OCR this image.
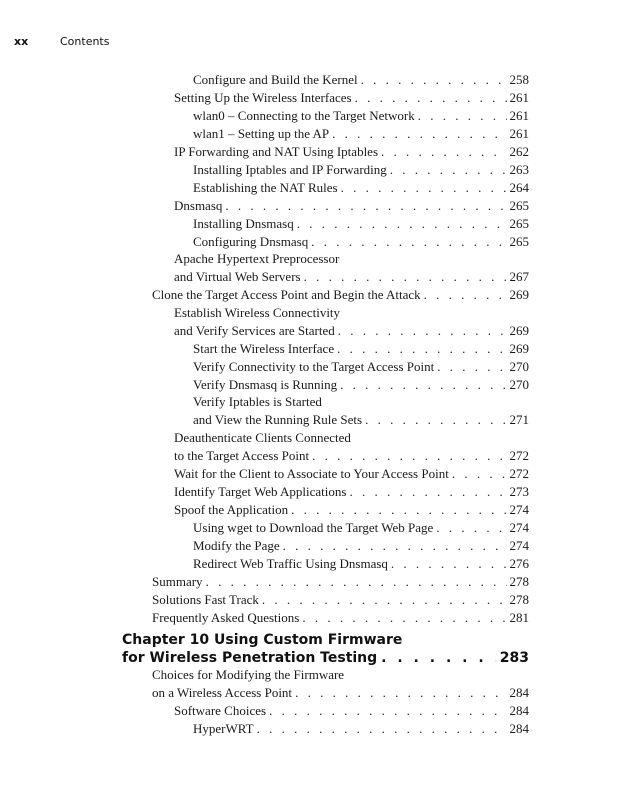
xx	Contents
Configure and Build the Kernel . . .	258
Setting Up the Wireless Interfaces . . .	261
wlan0 – Connecting to the Target Network . . .	261
wlan1 – Setting up the AP . . .	261
IP Forwarding and NAT Using Iptables . . .	262
Installing Iptables and IP Forwarding . . .	263
Establishing the NAT Rules . . .	264
Dnsmasq . . .	265
Installing Dnsmasq . . .	265
Configuring Dnsmasq . . .	265
Apache Hypertext Preprocessor
and Virtual Web Servers . . .	267
Clone the Target Access Point and Begin the Attack . . .	269
Establish Wireless Connectivity
and Verify Services are Started . . .	269
Start the Wireless Interface . . .	269
Verify Connectivity to the Target Access Point . . .	270
Verify Dnsmasq is Running . . .	270
Verify Iptables is Started
and View the Running Rule Sets . . .	271
Deauthenticate Clients Connected
to the Target Access Point . . .	272
Wait for the Client to Associate to Your Access Point . . .	272
Identify Target Web Applications . . .	273
Spoof the Application . . .	274
Using wget to Download the Target Web Page . . .	274
Modify the Page . . .	274
Redirect Web Traffic Using Dnsmasq . . .	276
Summary . . .	278
Solutions Fast Track . . .	278
Frequently Asked Questions . . .	281
Chapter 10 Using Custom Firmware
for Wireless Penetration Testing . . .	283
Choices for Modifying the Firmware
on a Wireless Access Point . . .	284
Software Choices . . .	284
HyperWRT . . .	284
